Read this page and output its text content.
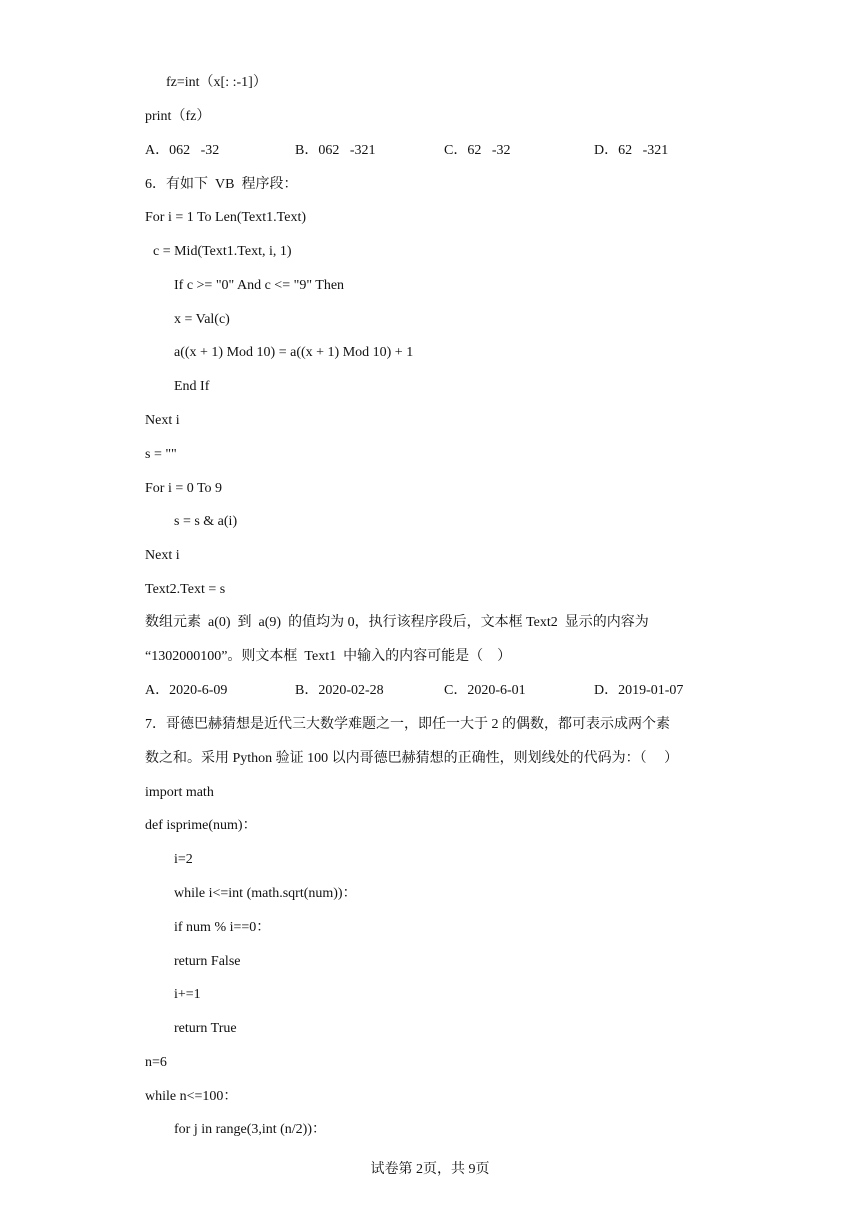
fz=int（x[: :-1]）
print（fz）
A．062   -32	B．062   -321	C．62   -32	D．62   -321
6．有如下  VB  程序段：
For i = 1 To Len(Text1.Text)
c = Mid(Text1.Text, i, 1)
If c >= "0" And c <= "9" Then
x = Val(c)
a((x + 1) Mod 10) = a((x + 1) Mod 10) + 1
End If
Next i
s = ""
For i = 0 To 9
s = s & a(i)
Next i
Text2.Text = s
数组元素  a(0)  到  a(9)  的值均为 0，执行该程序段后，文本框 Text2  显示的内容为
“1302000100”。则文本框  Text1  中输入的内容可能是（    ）
A．2020-6-09	B．2020-02-28	C．2020-6-01	D．2019-01-07
7．哥德巴赫猜想是近代三大数学难题之一，即任一大于 2 的偶数，都可表示成两个素
数之和。采用 Python 验证 100 以内哥德巴赫猜想的正确性，则划线处的代码为：（     ）
import math
def isprime(num)：
i=2
while i<=int (math.sqrt(num))：
if num % i==0：
return False
i+=1
return True
n=6
while n<=100：
for j in range(3,int (n/2))：
试卷第 2页，共 9页
